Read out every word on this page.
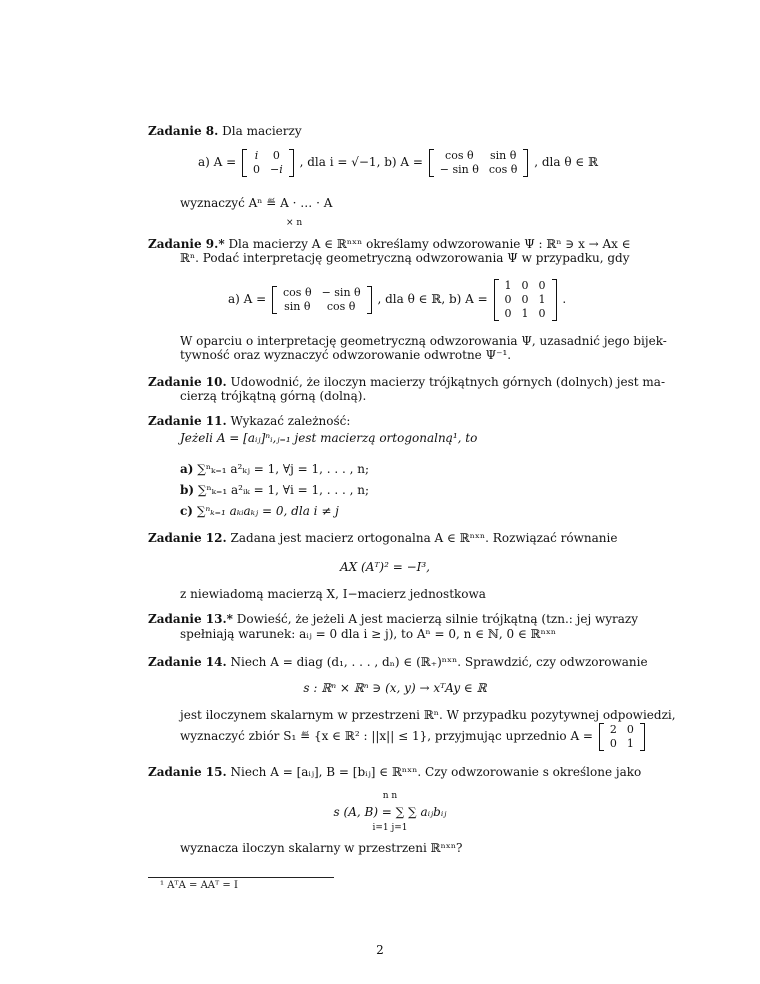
Zadanie 8. Dla macierzy
a) A = i	0
0	−i , dla i = √−1, b) A = cos θ	sin θ
− sin θ	cos θ , dla θ ∈ ℝ
wyznaczyć Aⁿ ≝ A · … · A
× n
Zadanie 9.* Dla macierzy A ∈ ℝⁿˣⁿ określamy odwzorowanie Ψ : ℝⁿ ∋ x → Ax ∈
ℝⁿ. Podać interpretację geometryczną odwzorowania Ψ w przypadku, gdy
a) A = cos θ	− sin θ
sin θ	cos θ , dla θ ∈ ℝ, b) A =
1	0	0
0	0	1
0	1	0
.
W oparciu o interpretację geometryczną odwzorowania Ψ, uzasadnić jego bijek-
tywność oraz wyznaczyć odwzorowanie odwrotne Ψ⁻¹.
Zadanie 10. Udowodnić, że iloczyn macierzy trójkątnych górnych (dolnych) jest ma-
cierzą trójkątną górną (dolną).
Zadanie 11. Wykazać zależność:
Jeżeli A = [aᵢⱼ]ⁿᵢ,ⱼ₌₁ jest macierzą ortogonalną¹, to
a) ∑ⁿₖ₌₁ a²ₖⱼ = 1, ∀j = 1, . . . , n;
b) ∑ⁿₖ₌₁ a²ᵢₖ = 1, ∀i = 1, . . . , n;
c) ∑ⁿₖ₌₁ aₖᵢaₖⱼ = 0, dla i ≠ j
Zadanie 12. Zadana jest macierz ortogonalna A ∈ ℝⁿˣⁿ. Rozwiązać równanie
AX (Aᵀ)² = −I³,
z niewiadomą macierzą X, I−macierz jednostkowa
Zadanie 13.* Dowieść, że jeżeli A jest macierzą silnie trójkątną (tzn.: jej wyrazy
spełniają warunek: aᵢⱼ = 0 dla i ≥ j), to Aⁿ = 0, n ∈ ℕ, 0 ∈ ℝⁿˣⁿ
Zadanie 14. Niech A = diag (d₁, . . . , dₙ) ∈ (ℝ₊)ⁿˣⁿ. Sprawdzić, czy odwzorowanie
s : ℝⁿ × ℝⁿ ∋ (x, y) → xᵀAy ∈ ℝ
jest iloczynem skalarnym w przestrzeni ℝⁿ. W przypadku pozytywnej odpowiedzi,
wyznaczyć zbiór S₁ ≝ {x ∈ ℝ² : ||x|| ≤ 1}, przyjmując uprzednio A = 2	0
0	1
Zadanie 15. Niech A = [aᵢⱼ], B = [bᵢⱼ] ∈ ℝⁿˣⁿ. Czy odwzorowanie s określone jako
n n
s (A, B) = ∑ ∑ aᵢⱼbᵢⱼ
i=1 j=1
wyznacza iloczyn skalarny w przestrzeni ℝⁿˣⁿ?
¹ AᵀA = AAᵀ = I
2
